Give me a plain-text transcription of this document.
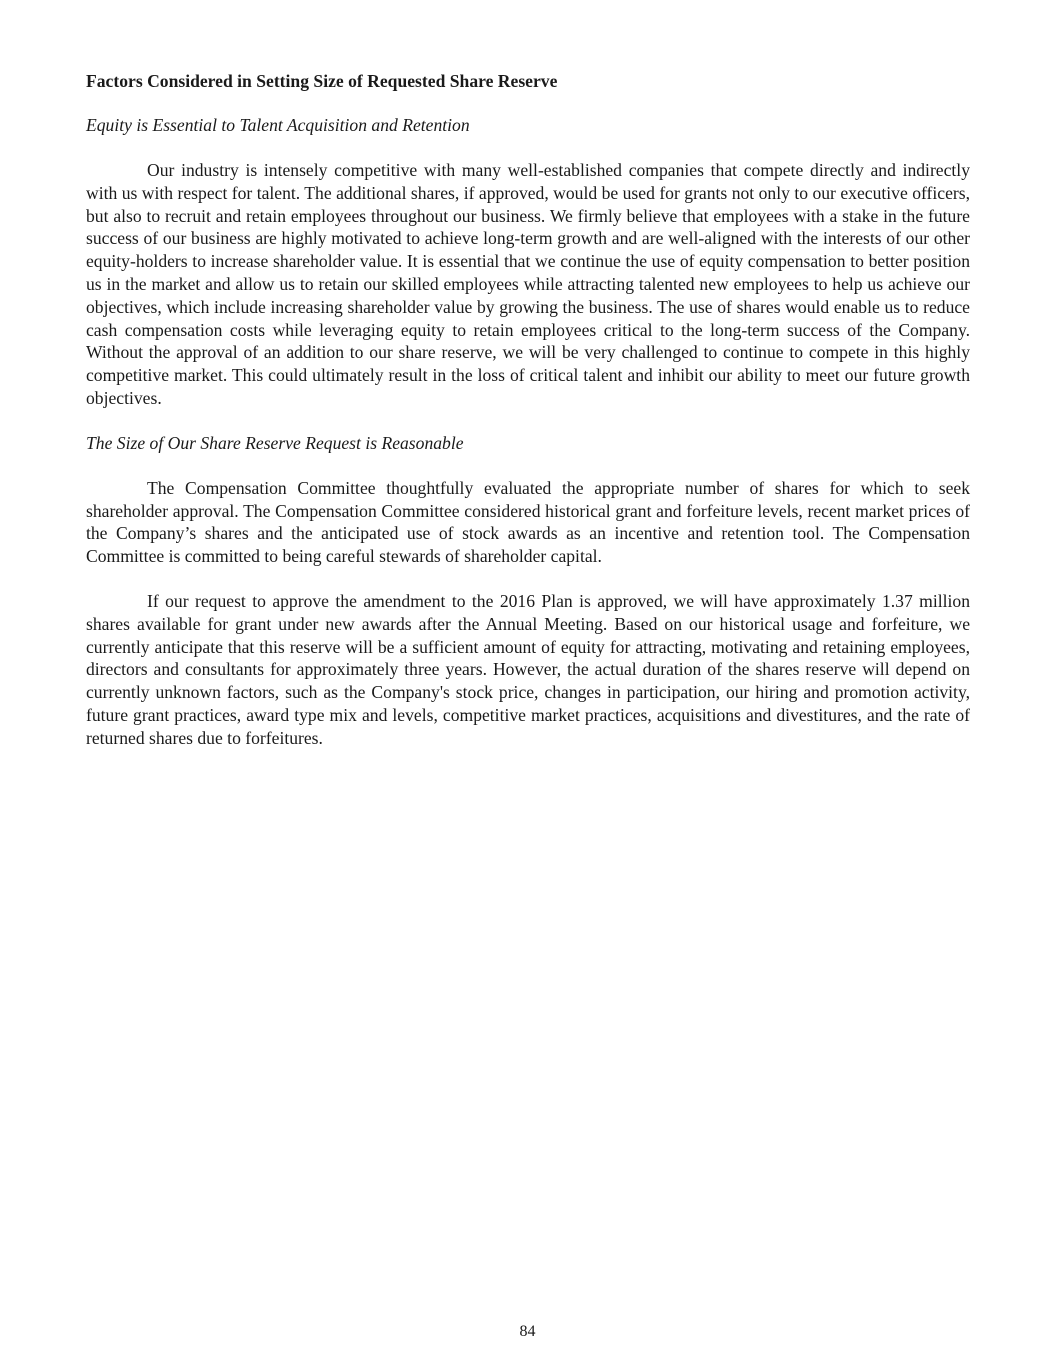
Factors Considered in Setting Size of Requested Share Reserve
Equity is Essential to Talent Acquisition and Retention

Our industry is intensely competitive with many well-established companies that compete directly and indirectly with us with respect for talent. The additional shares, if approved, would be used for grants not only to our executive officers, but also to recruit and retain employees throughout our business. We firmly believe that employees with a stake in the future success of our business are highly motivated to achieve long-term growth and are well-aligned with the interests of our other equity-holders to increase shareholder value. It is essential that we continue the use of equity compensation to better position us in the market and allow us to retain our skilled employees while attracting talented new employees to help us achieve our objectives, which include increasing shareholder value by growing the business. The use of shares would enable us to reduce cash compensation costs while leveraging equity to retain employees critical to the long-term success of the Company. Without the approval of an addition to our share reserve, we will be very challenged to continue to compete in this highly competitive market. This could ultimately result in the loss of critical talent and inhibit our ability to meet our future growth objectives.

The Size of Our Share Reserve Request is Reasonable

The Compensation Committee thoughtfully evaluated the appropriate number of shares for which to seek shareholder approval. The Compensation Committee considered historical grant and forfeiture levels, recent market prices of the Company’s shares and the anticipated use of stock awards as an incentive and retention tool. The Compensation Committee is committed to being careful stewards of shareholder capital.

If our request to approve the amendment to the 2016 Plan is approved, we will have approximately 1.37 million shares available for grant under new awards after the Annual Meeting. Based on our historical usage and forfeiture, we currently anticipate that this reserve will be a sufficient amount of equity for attracting, motivating and retaining employees, directors and consultants for approximately three years. However, the actual duration of the shares reserve will depend on currently unknown factors, such as the Company's stock price, changes in participation, our hiring and promotion activity, future grant practices, award type mix and levels, competitive market practices, acquisitions and divestitures, and the rate of returned shares due to forfeitures.

84
